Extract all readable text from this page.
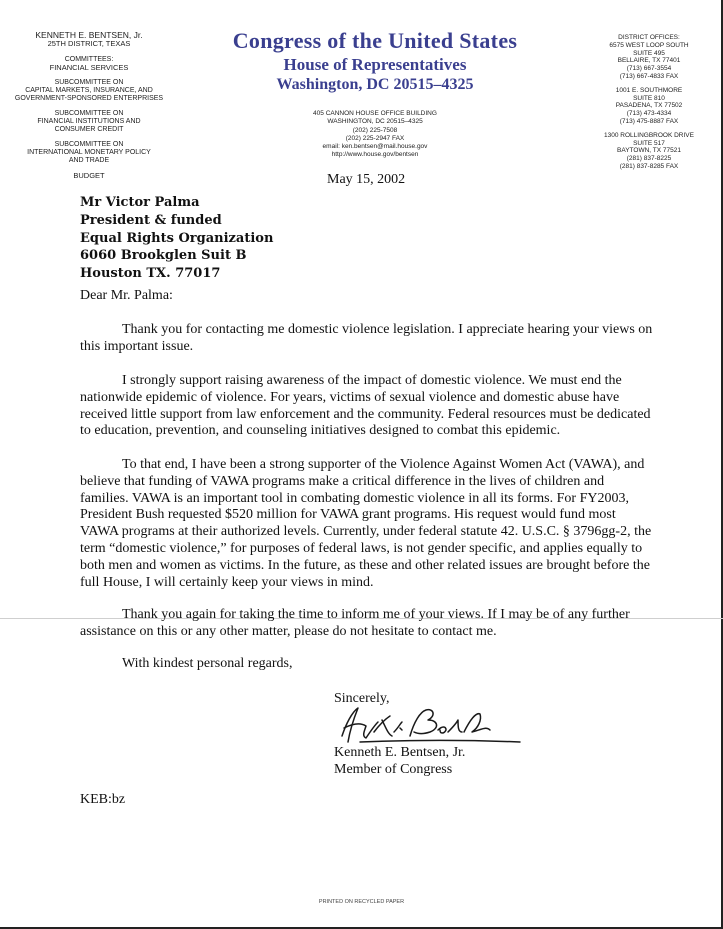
KENNETH E. BENTSEN, Jr.
25TH DISTRICT, TEXAS
COMMITTEES:
FINANCIAL SERVICES
SUBCOMMITTEE ON
CAPITAL MARKETS, INSURANCE, AND
GOVERNMENT-SPONSORED ENTERPRISES
SUBCOMMITTEE ON
FINANCIAL INSTITUTIONS AND
CONSUMER CREDIT
SUBCOMMITTEE ON
INTERNATIONAL MONETARY POLICY
AND TRADE
BUDGET
Congress of the United States
House of Representatives
Washington, DC 20515–4325
405 CANNON HOUSE OFFICE BUILDING
WASHINGTON, DC 20515–4325
(202) 225-7508
(202) 225-2947 FAX
email: ken.bentsen@mail.house.gov
http://www.house.gov/bentsen
DISTRICT OFFICES:
6575 WEST LOOP SOUTH
SUITE 495
BELLAIRE, TX 77401
(713) 667-3554
(713) 667-4833 FAX
1001 E. SOUTHMORE
SUITE 810
PASADENA, TX 77502
(713) 473-4334
(713) 475-8887 FAX
1300 ROLLINGBROOK DRIVE
SUITE 517
BAYTOWN, TX 77521
(281) 837-8225
(281) 837-8285 FAX
May 15, 2002
Mr Victor Palma
President & funded
Equal Rights Organization
6060 Brookglen Suit B
Houston TX. 77017
Dear Mr. Palma:
Thank you for contacting me domestic violence legislation. I appreciate hearing your views on this important issue.
I strongly support raising awareness of the impact of domestic violence. We must end the nationwide epidemic of violence. For years, victims of sexual violence and domestic abuse have received little support from law enforcement and the community. Federal resources must be dedicated to education, prevention, and counseling initiatives designed to combat this epidemic.
To that end, I have been a strong supporter of the Violence Against Women Act (VAWA), and believe that funding of VAWA programs make a critical difference in the lives of children and families. VAWA is an important tool in combating domestic violence in all its forms. For FY2003, President Bush requested $520 million for VAWA grant programs. His request would fund most VAWA programs at their authorized levels. Currently, under federal statute 42. U.S.C. § 3796gg-2, the term “domestic violence,” for purposes of federal laws, is not gender specific, and applies equally to both men and women as victims. In the future, as these and other related issues are brought before the full House, I will certainly keep your views in mind.
Thank you again for taking the time to inform me of your views. If I may be of any further assistance on this or any other matter, please do not hesitate to contact me.
With kindest personal regards,
Sincerely,
Kenneth E. Bentsen, Jr.
Member of Congress
KEB:bz
PRINTED ON RECYCLED PAPER
